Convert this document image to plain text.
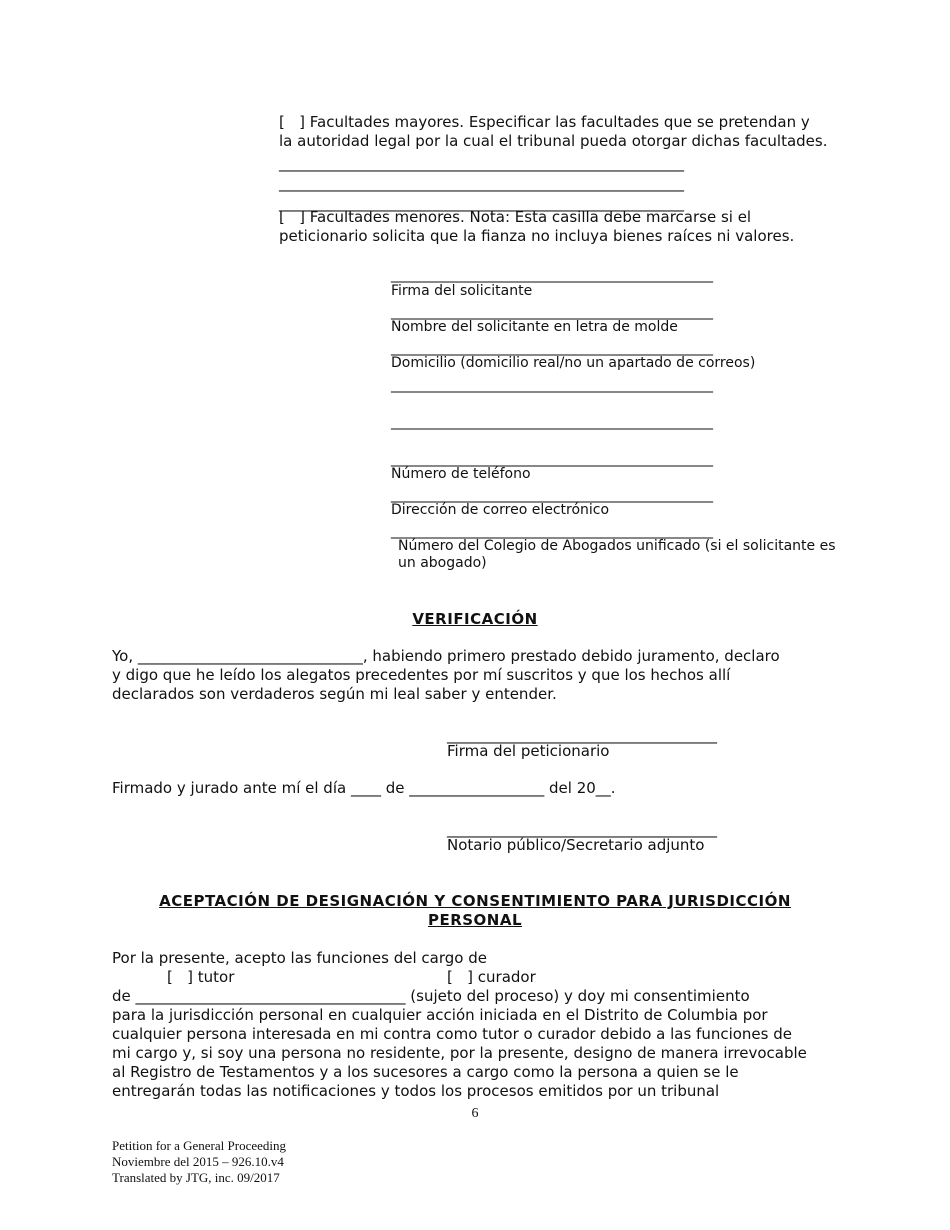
[   ] Facultades mayores. Especificar las facultades que se pretendan y
la autoridad legal por la cual el tribunal pueda otorgar dichas facultades.
______________________________________________________
______________________________________________________
______________________________________________________
[   ] Facultades menores. Nota: Esta casilla debe marcarse si el
peticionario solicita que la fianza no incluya bienes raíces ni valores.
______________________________________________
Firma del solicitante
______________________________________________
Nombre del solicitante en letra de molde
______________________________________________
Domicilio (domicilio real/no un apartado de correos)
______________________________________________
______________________________________________
______________________________________________
Número de teléfono
______________________________________________
Dirección de correo electrónico
______________________________________________
Número del Colegio de Abogados unificado (si el solicitante es
un abogado)
VERIFICACIÓN
Yo, ______________________________, habiendo primero prestado debido juramento, declaro
y digo que he leído los alegatos precedentes por mí suscritos y que los hechos allí
declarados son verdaderos según mi leal saber y entender.
____________________________________
Firma del peticionario
Firmado y jurado ante mí el día ____ de __________________ del 20__.
____________________________________
Notario público/Secretario adjunto
ACEPTACIÓN DE DESIGNACIÓN Y CONSENTIMIENTO PARA JURISDICCIÓN
PERSONAL
Por la presente, acepto las funciones del cargo de
[   ] tutor	[   ] curador
de ____________________________________ (sujeto del proceso) y doy mi consentimiento
para la jurisdicción personal en cualquier acción iniciada en el Distrito de Columbia por
cualquier persona interesada en mi contra como tutor o curador debido a las funciones de
mi cargo y, si soy una persona no residente, por la presente, designo de manera irrevocable
al Registro de Testamentos y a los sucesores a cargo como la persona a quien se le
entregarán todas las notificaciones y todos los procesos emitidos por un tribunal
6
Petition for a General Proceeding
Noviembre del 2015 – 926.10.v4
Translated by JTG, inc. 09/2017
